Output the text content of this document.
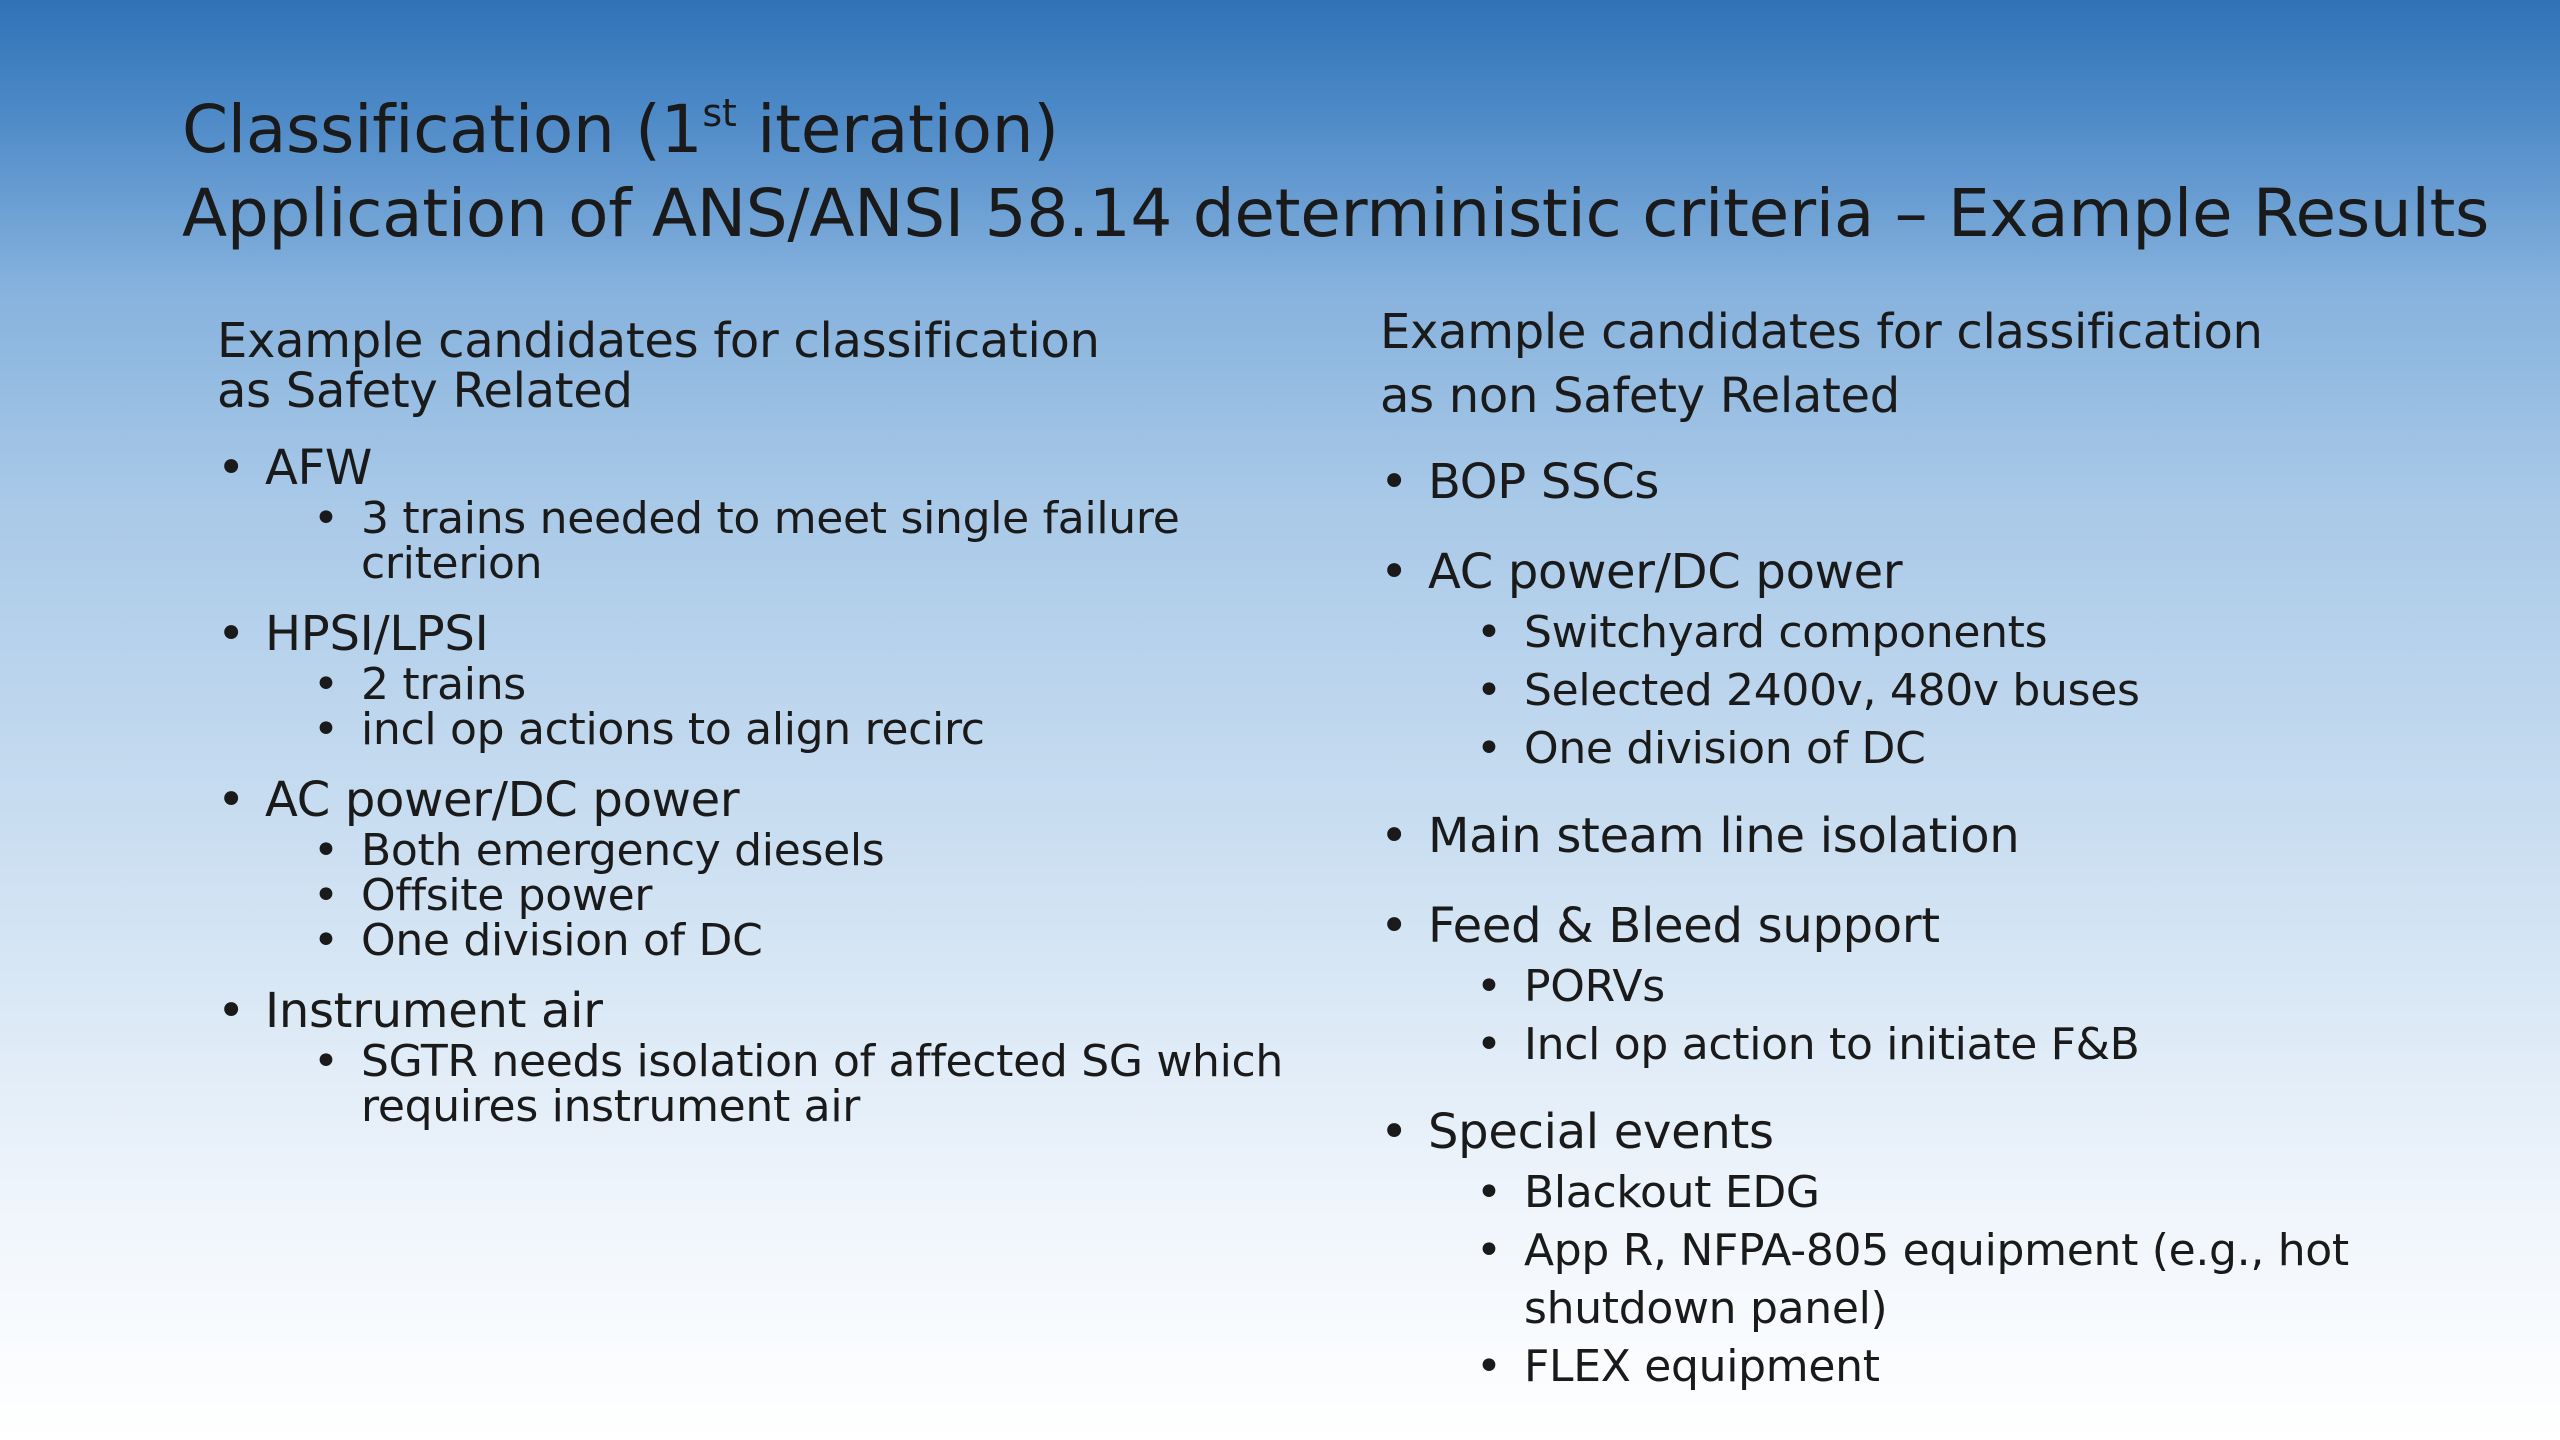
Classification (1st iteration)
Application of ANS/ANSI 58.14 deterministic criteria – Example Results
Example candidates for classification
as Safety Related
• AFW
• 3 trains needed to meet single failure criterion
• HPSI/LPSI
• 2 trains
• incl op actions to align recirc
• AC power/DC power
• Both emergency diesels
• Offsite power
• One division of DC
• Instrument air
• SGTR needs isolation of affected SG which requires instrument air
Example candidates for classification
as non Safety Related
• BOP SSCs
• AC power/DC power
• Switchyard components
• Selected 2400v, 480v buses
• One division of DC
• Main steam line isolation
• Feed & Bleed support
• PORVs
• Incl op action to initiate F&B
• Special events
• Blackout EDG
• App R, NFPA-805 equipment (e.g., hot shutdown panel)
• FLEX equipment
